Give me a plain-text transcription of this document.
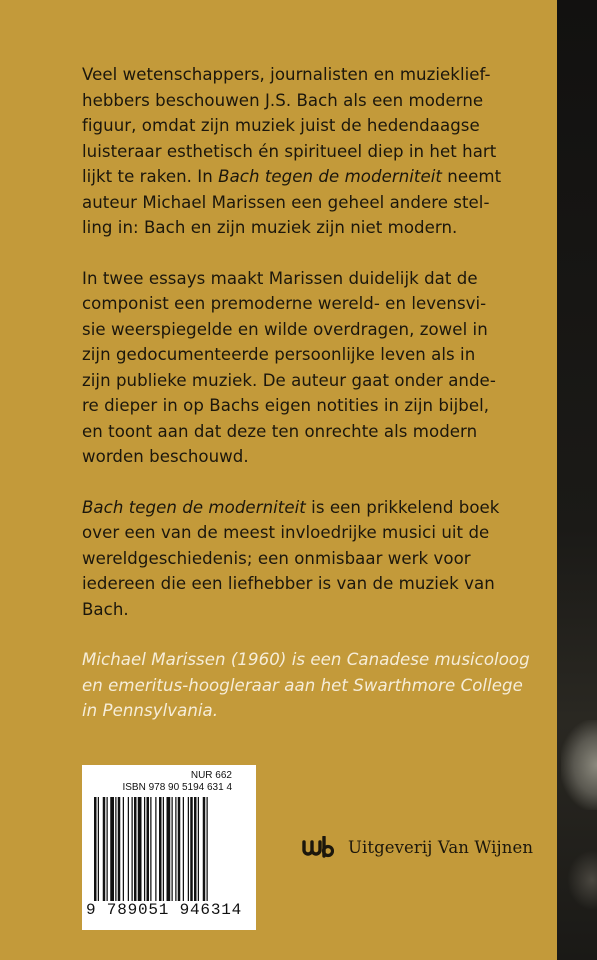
Veel wetenschappers, journalisten en muzieklief-
hebbers beschouwen J.S. Bach als een moderne
figuur, omdat zijn muziek juist de hedendaagse
luisteraar esthetisch én spiritueel diep in het hart
lijkt te raken. In Bach tegen de moderniteit neemt
auteur Michael Marissen een geheel andere stel-
ling in: Bach en zijn muziek zijn niet modern.

In twee essays maakt Marissen duidelijk dat de
componist een premoderne wereld- en levensvi-
sie weerspiegelde en wilde overdragen, zowel in
zijn gedocumenteerde persoonlijke leven als in
zijn publieke muziek. De auteur gaat onder ande-
re dieper in op Bachs eigen notities in zijn bijbel,
en toont aan dat deze ten onrechte als modern
worden beschouwd.

Bach tegen de moderniteit is een prikkelend boek
over een van de meest invloedrijke musici uit de
wereldgeschiedenis; een onmisbaar werk voor
iedereen die een liefhebber is van de muziek van
Bach.

Michael Marissen (1960) is een Canadese musicoloog
en emeritus-hoogleraar aan het Swarthmore College
in Pennsylvania.

NUR 662
ISBN 978 90 5194 631 4
9 789051 946314
Uitgeverij Van Wijnen
